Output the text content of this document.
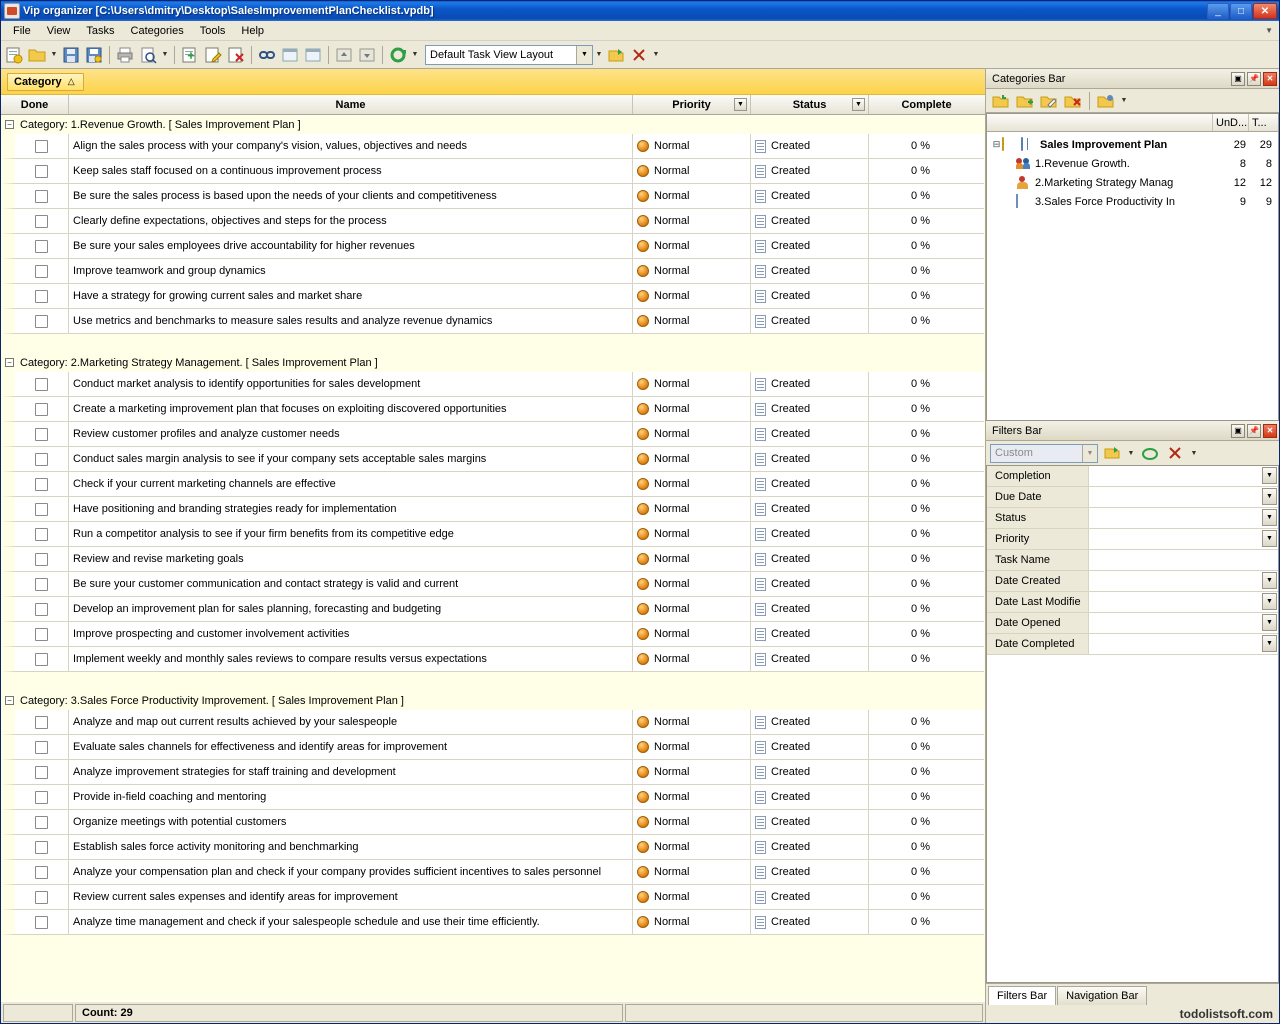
Vip organizer [C:\Users\dmitry\Desktop\SalesImprovementPlanChecklist.vpdb]	_	□	✕
File	View	Tasks	Categories	Tools	Help	▼
▼	▼	▼ Default Task View Layout	▼	▼	▼
Category △
Done	Name	Priority	▼	Status	▼	Complete
− Category: 1.Revenue Growth. [ Sales Improvement Plan ]
Align the sales process with your company's vision, values, objectives and needs	Normal	Created	0 %
Keep sales staff focused on a continuous improvement process	Normal	Created	0 %
Be sure the sales process is based upon the needs of your clients and competitiveness	Normal	Created	0 %
Clearly define expectations, objectives and steps for the process	Normal	Created	0 %
Be sure your sales employees drive accountability for higher revenues	Normal	Created	0 %
Improve teamwork and group dynamics	Normal	Created	0 %
Have a strategy for growing current sales and market share	Normal	Created	0 %
Use metrics and benchmarks to measure sales results and analyze revenue dynamics	Normal	Created	0 %
− Category: 2.Marketing Strategy Management. [ Sales Improvement Plan ]
Conduct market analysis to identify opportunities for sales development	Normal	Created	0 %
Create a marketing improvement plan that focuses on exploiting discovered opportunities	Normal	Created	0 %
Review customer profiles and analyze customer needs	Normal	Created	0 %
Conduct sales margin analysis to see if your company sets acceptable sales margins	Normal	Created	0 %
Check if your current marketing channels are effective	Normal	Created	0 %
Have positioning and branding strategies ready for implementation	Normal	Created	0 %
Run a competitor analysis to see if your firm benefits from its competitive edge	Normal	Created	0 %
Review and revise marketing goals	Normal	Created	0 %
Be sure your customer communication and contact strategy is valid and current	Normal	Created	0 %
Develop an improvement plan for sales planning, forecasting and budgeting	Normal	Created	0 %
Improve prospecting and customer involvement activities	Normal	Created	0 %
Implement weekly and monthly sales reviews to compare results versus expectations	Normal	Created	0 %
− Category: 3.Sales Force Productivity Improvement. [ Sales Improvement Plan ]
Analyze and map out current results achieved by your salespeople	Normal	Created	0 %
Evaluate sales channels for effectiveness and identify areas for improvement	Normal	Created	0 %
Analyze improvement strategies for staff training and development	Normal	Created	0 %
Provide in-field coaching and mentoring	Normal	Created	0 %
Organize meetings with potential customers	Normal	Created	0 %
Establish sales force activity monitoring and benchmarking	Normal	Created	0 %
Analyze your compensation plan and check if your company provides sufficient incentives to sales personnel	Normal	Created	0 %
Review current sales expenses and identify areas for improvement	Normal	Created	0 %
Analyze time management and check if your salespeople schedule and use their time efficiently.	Normal	Created	0 %
Count: 29
Categories Bar	▣ 📌 ✕
▼
UnD... T...
⊟	Sales Improvement Plan	29	29
1.Revenue Growth.	8	8
2.Marketing Strategy Manag	12	12
3.Sales Force Productivity In	9	9
Filters Bar	▣ 📌 ✕
Custom	▼	▼	▼
Completion	▼
Due Date	▼
Status	▼
Priority	▼
Task Name
Date Created	▼
Date Last Modifie	▼
Date Opened	▼
Date Completed	▼
Filters Bar	Navigation Bar
todolistsoft.com
